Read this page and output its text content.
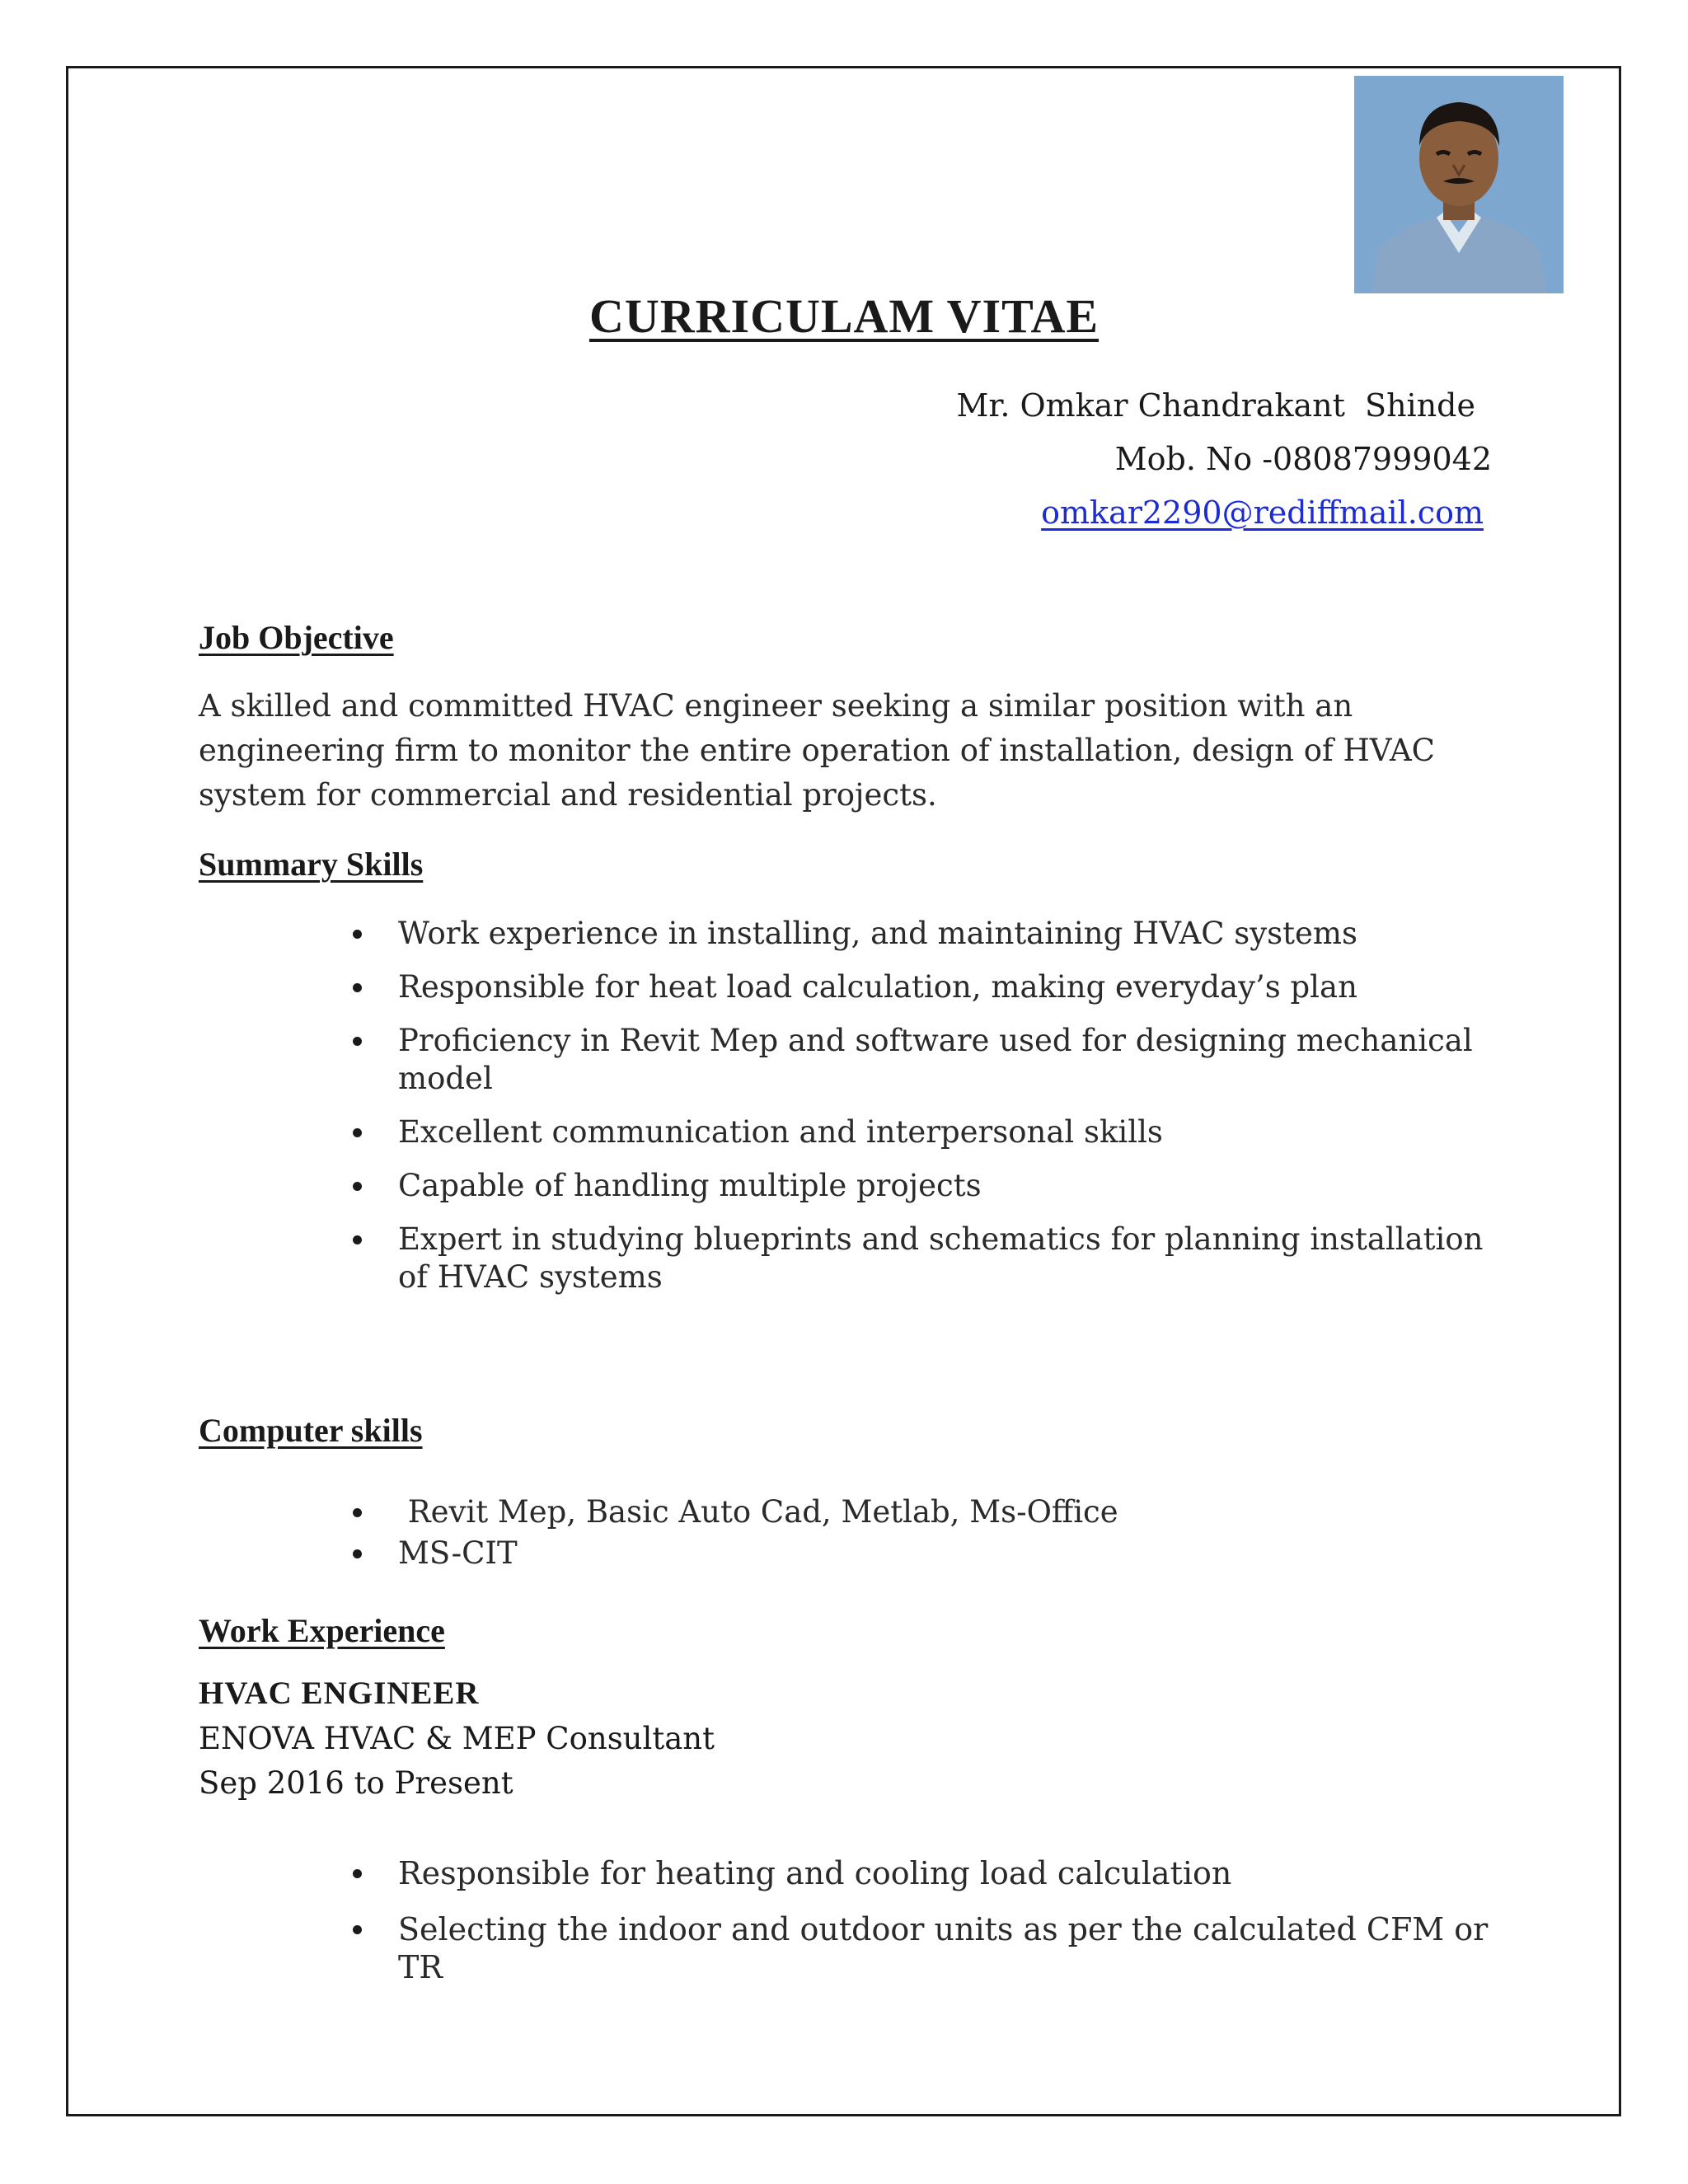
CURRICULAM VITAE
Mr. Omkar Chandrakant  Shinde
Mob. No -08087999042
omkar2290@rediffmail.com
Job Objective
A skilled and committed HVAC engineer seeking a similar position with an engineering firm to monitor the entire operation of installation, design of HVAC system for commercial and residential projects.
Summary Skills
Work experience in installing, and maintaining HVAC systems
Responsible for heat load calculation, making everyday’s plan
Proficiency in Revit Mep and software used for designing mechanical model
Excellent communication and interpersonal skills
Capable of handling multiple projects
Expert in studying blueprints and schematics for planning installation of HVAC systems
Computer skills
Revit Mep, Basic Auto Cad, Metlab, Ms-Office
MS-CIT
Work Experience
HVAC ENGINEER
ENOVA HVAC & MEP Consultant
Sep 2016 to Present
Responsible for heating and cooling load calculation
Selecting the indoor and outdoor units as per the calculated CFM or TR
